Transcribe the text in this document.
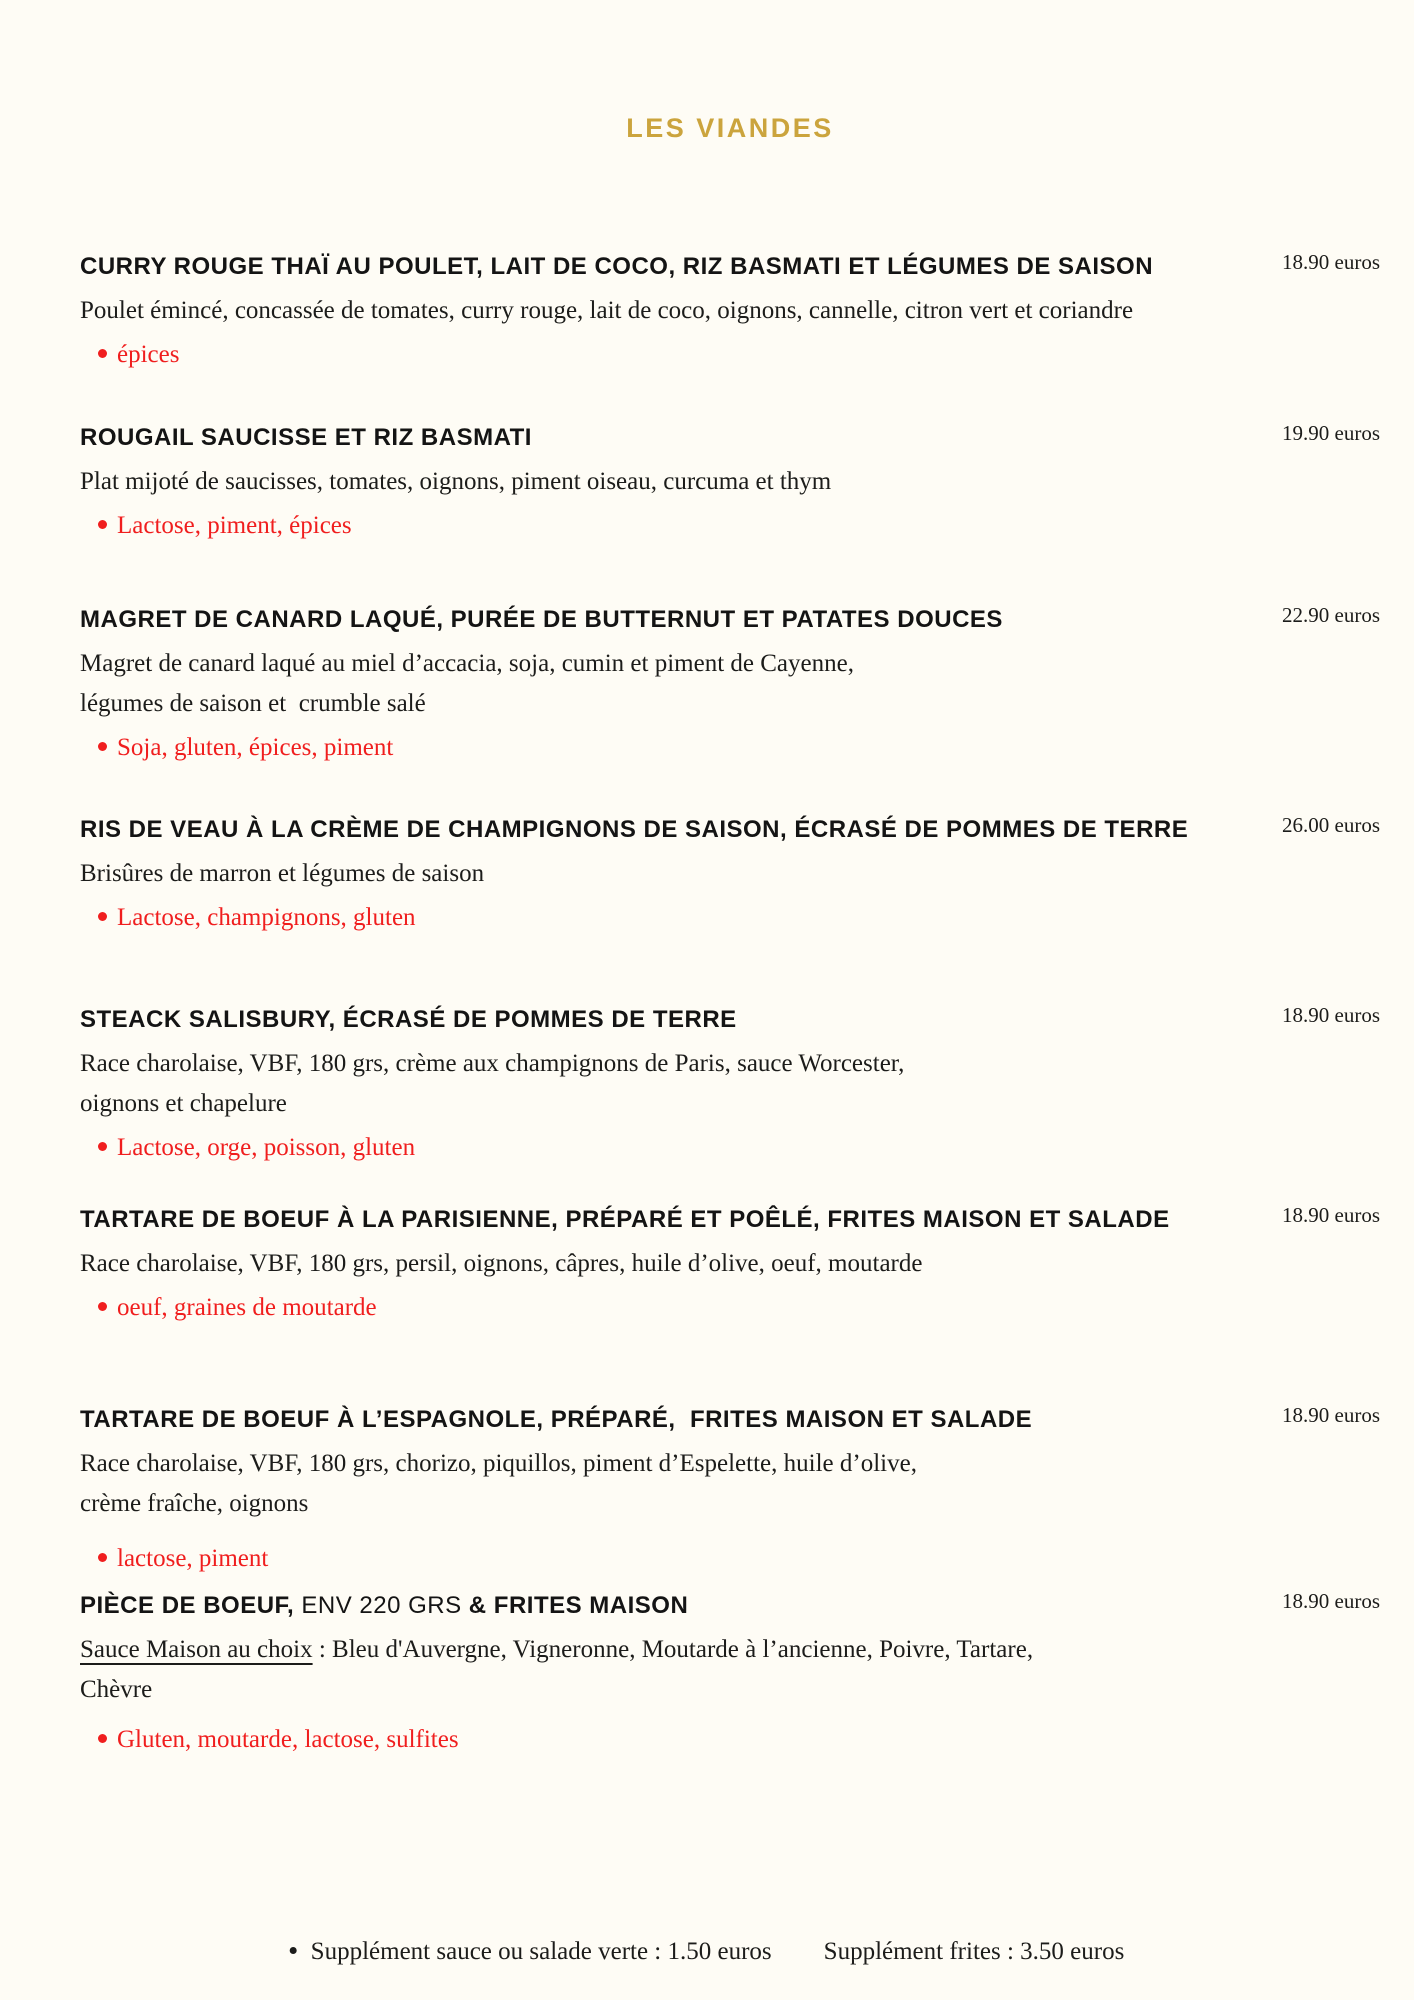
LES VIANDES
CURRY ROUGE THAÏ AU POULET, LAIT DE COCO, RIZ BASMATI ET LÉGUMES DE SAISON	18.90 euros

Poulet émincé, concassée de tomates, curry rouge, lait de coco, oignons, cannelle, citron vert et coriandre

épices
ROUGAIL SAUCISSE ET RIZ BASMATI	19.90 euros

Plat mijoté de saucisses, tomates, oignons, piment oiseau, curcuma et thym

Lactose, piment, épices
MAGRET DE CANARD LAQUÉ, PURÉE DE BUTTERNUT ET PATATES DOUCES	22.90 euros

Magret de canard laqué au miel d’accacia, soja, cumin et piment de Cayenne,

légumes de saison et  crumble salé

Soja, gluten, épices, piment
RIS DE VEAU À LA CRÈME DE CHAMPIGNONS DE SAISON, ÉCRASÉ DE POMMES DE TERRE	26.00 euros

Brisûres de marron et légumes de saison

Lactose, champignons, gluten
STEACK SALISBURY, ÉCRASÉ DE POMMES DE TERRE	18.90 euros

Race charolaise, VBF, 180 grs, crème aux champignons de Paris, sauce Worcester,

oignons et chapelure

Lactose, orge, poisson, gluten
TARTARE DE BOEUF À LA PARISIENNE, PRÉPARÉ ET POÊLÉ, FRITES MAISON ET SALADE	18.90 euros

Race charolaise, VBF, 180 grs, persil, oignons, câpres, huile d’olive, oeuf, moutarde

oeuf, graines de moutarde
TARTARE DE BOEUF À L’ESPAGNOLE, PRÉPARÉ,  FRITES MAISON ET SALADE	18.90 euros

Race charolaise, VBF, 180 grs, chorizo, piquillos, piment d’Espelette, huile d’olive,

crème fraîche, oignons

lactose, piment
PIÈCE DE BOEUF, ENV 220 GRS & FRITES MAISON	18.90 euros

Sauce Maison au choix : Bleu d'Auvergne, Vigneronne, Moutarde à l’ancienne, Poivre, Tartare,

Chèvre

Gluten, moutarde, lactose, sulfites
Supplément sauce ou salade verte : 1.50 euros Supplément frites : 3.50 euros
